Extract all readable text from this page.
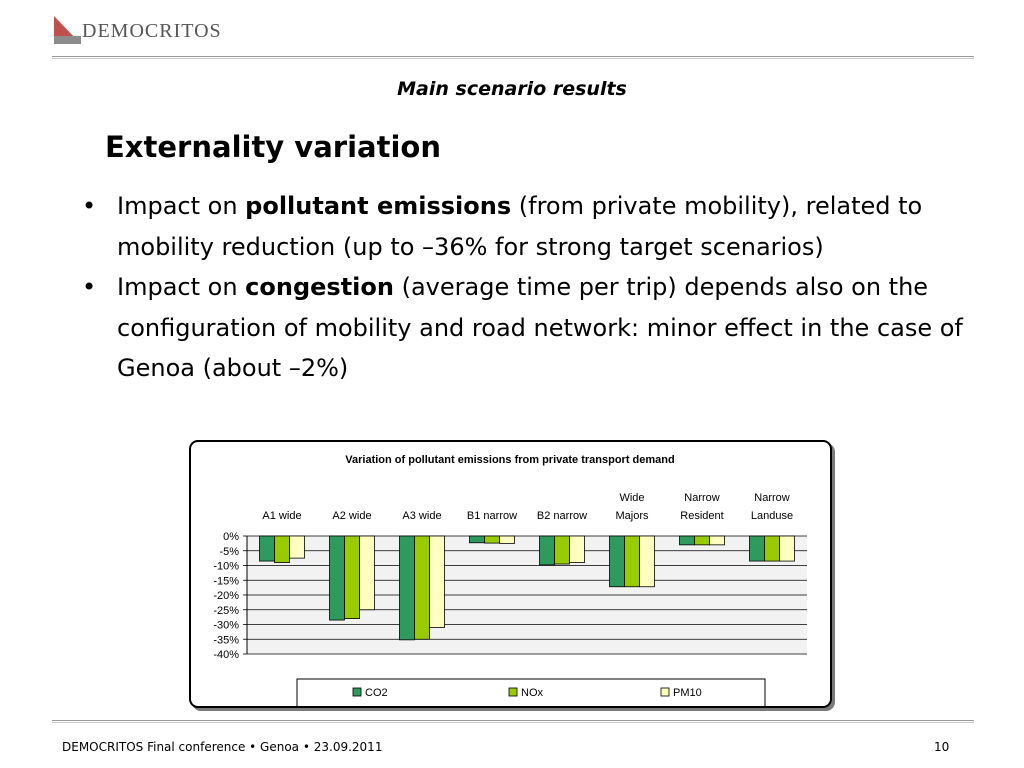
DEMOCRITOS
Main scenario results
Externality variation
• Impact on pollutant emissions (from private mobility), related to mobility reduction (up to –36% for strong target scenarios)
• Impact on congestion (average time per trip) depends also on the configuration of mobility and road network: minor effect in the case of Genoa (about –2%)
Variation of pollutant emissions from private transport demand
0%
-5%
-10%
-15%
-20%
-25%
-30%
-35%
-40%
A1 wide	A2 wide	A3 wide B1 narrow B2 narrow
Wide
Majors
Narrow
Resident
Narrow
Landuse
CO2	NOx	PM10
DEMOCRITOS Final conference • Genoa • 23.09.2011	10
